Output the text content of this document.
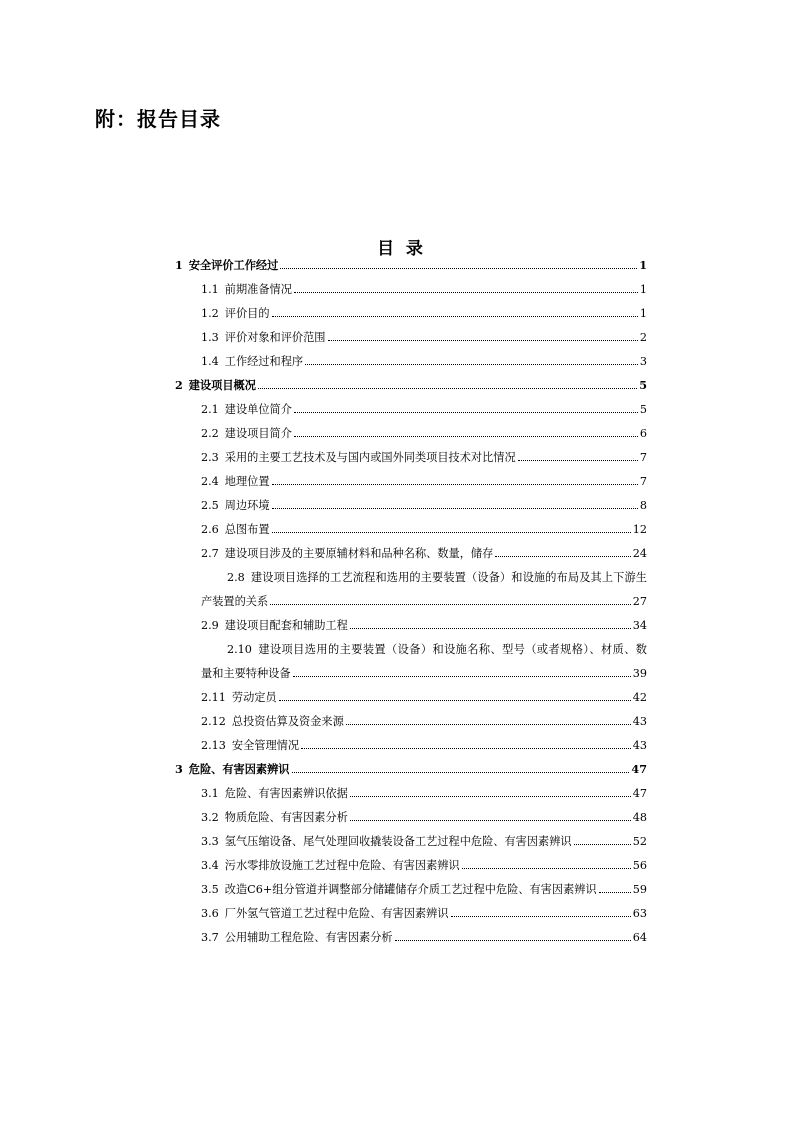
附：报告目录
目  录
1 安全评价工作经过	1
1.1 前期准备情况	1
1.2 评价目的	1
1.3 评价对象和评价范围	2
1.4 工作经过和程序	3
2 建设项目概况	5
2.1 建设单位简介	5
2.2 建设项目简介	6
2.3 采用的主要工艺技术及与国内或国外同类项目技术对比情况	7
2.4 地理位置	7
2.5 周边环境	8
2.6 总图布置	12
2.7 建设项目涉及的主要原辅材料和品种名称、数量，储存	24
2.8 建设项目选择的工艺流程和选用的主要装置（设备）和设施的布局及其上下游生
产装置的关系	27
2.9 建设项目配套和辅助工程	34
2.10 建设项目选用的主要装置（设备）和设施名称、型号（或者规格）、材质、数
量和主要特种设备	39
2.11 劳动定员	42
2.12 总投资估算及资金来源	43
2.13 安全管理情况	43
3 危险、有害因素辨识	47
3.1 危险、有害因素辨识依据	47
3.2 物质危险、有害因素分析	48
3.3 氢气压缩设备、尾气处理回收撬装设备工艺过程中危险、有害因素辨识	52
3.4 污水零排放设施工艺过程中危险、有害因素辨识	56
3.5 改造C6+组分管道并调整部分储罐储存介质工艺过程中危险、有害因素辨识	59
3.6 厂外氢气管道工艺过程中危险、有害因素辨识	63
3.7 公用辅助工程危险、有害因素分析	64
